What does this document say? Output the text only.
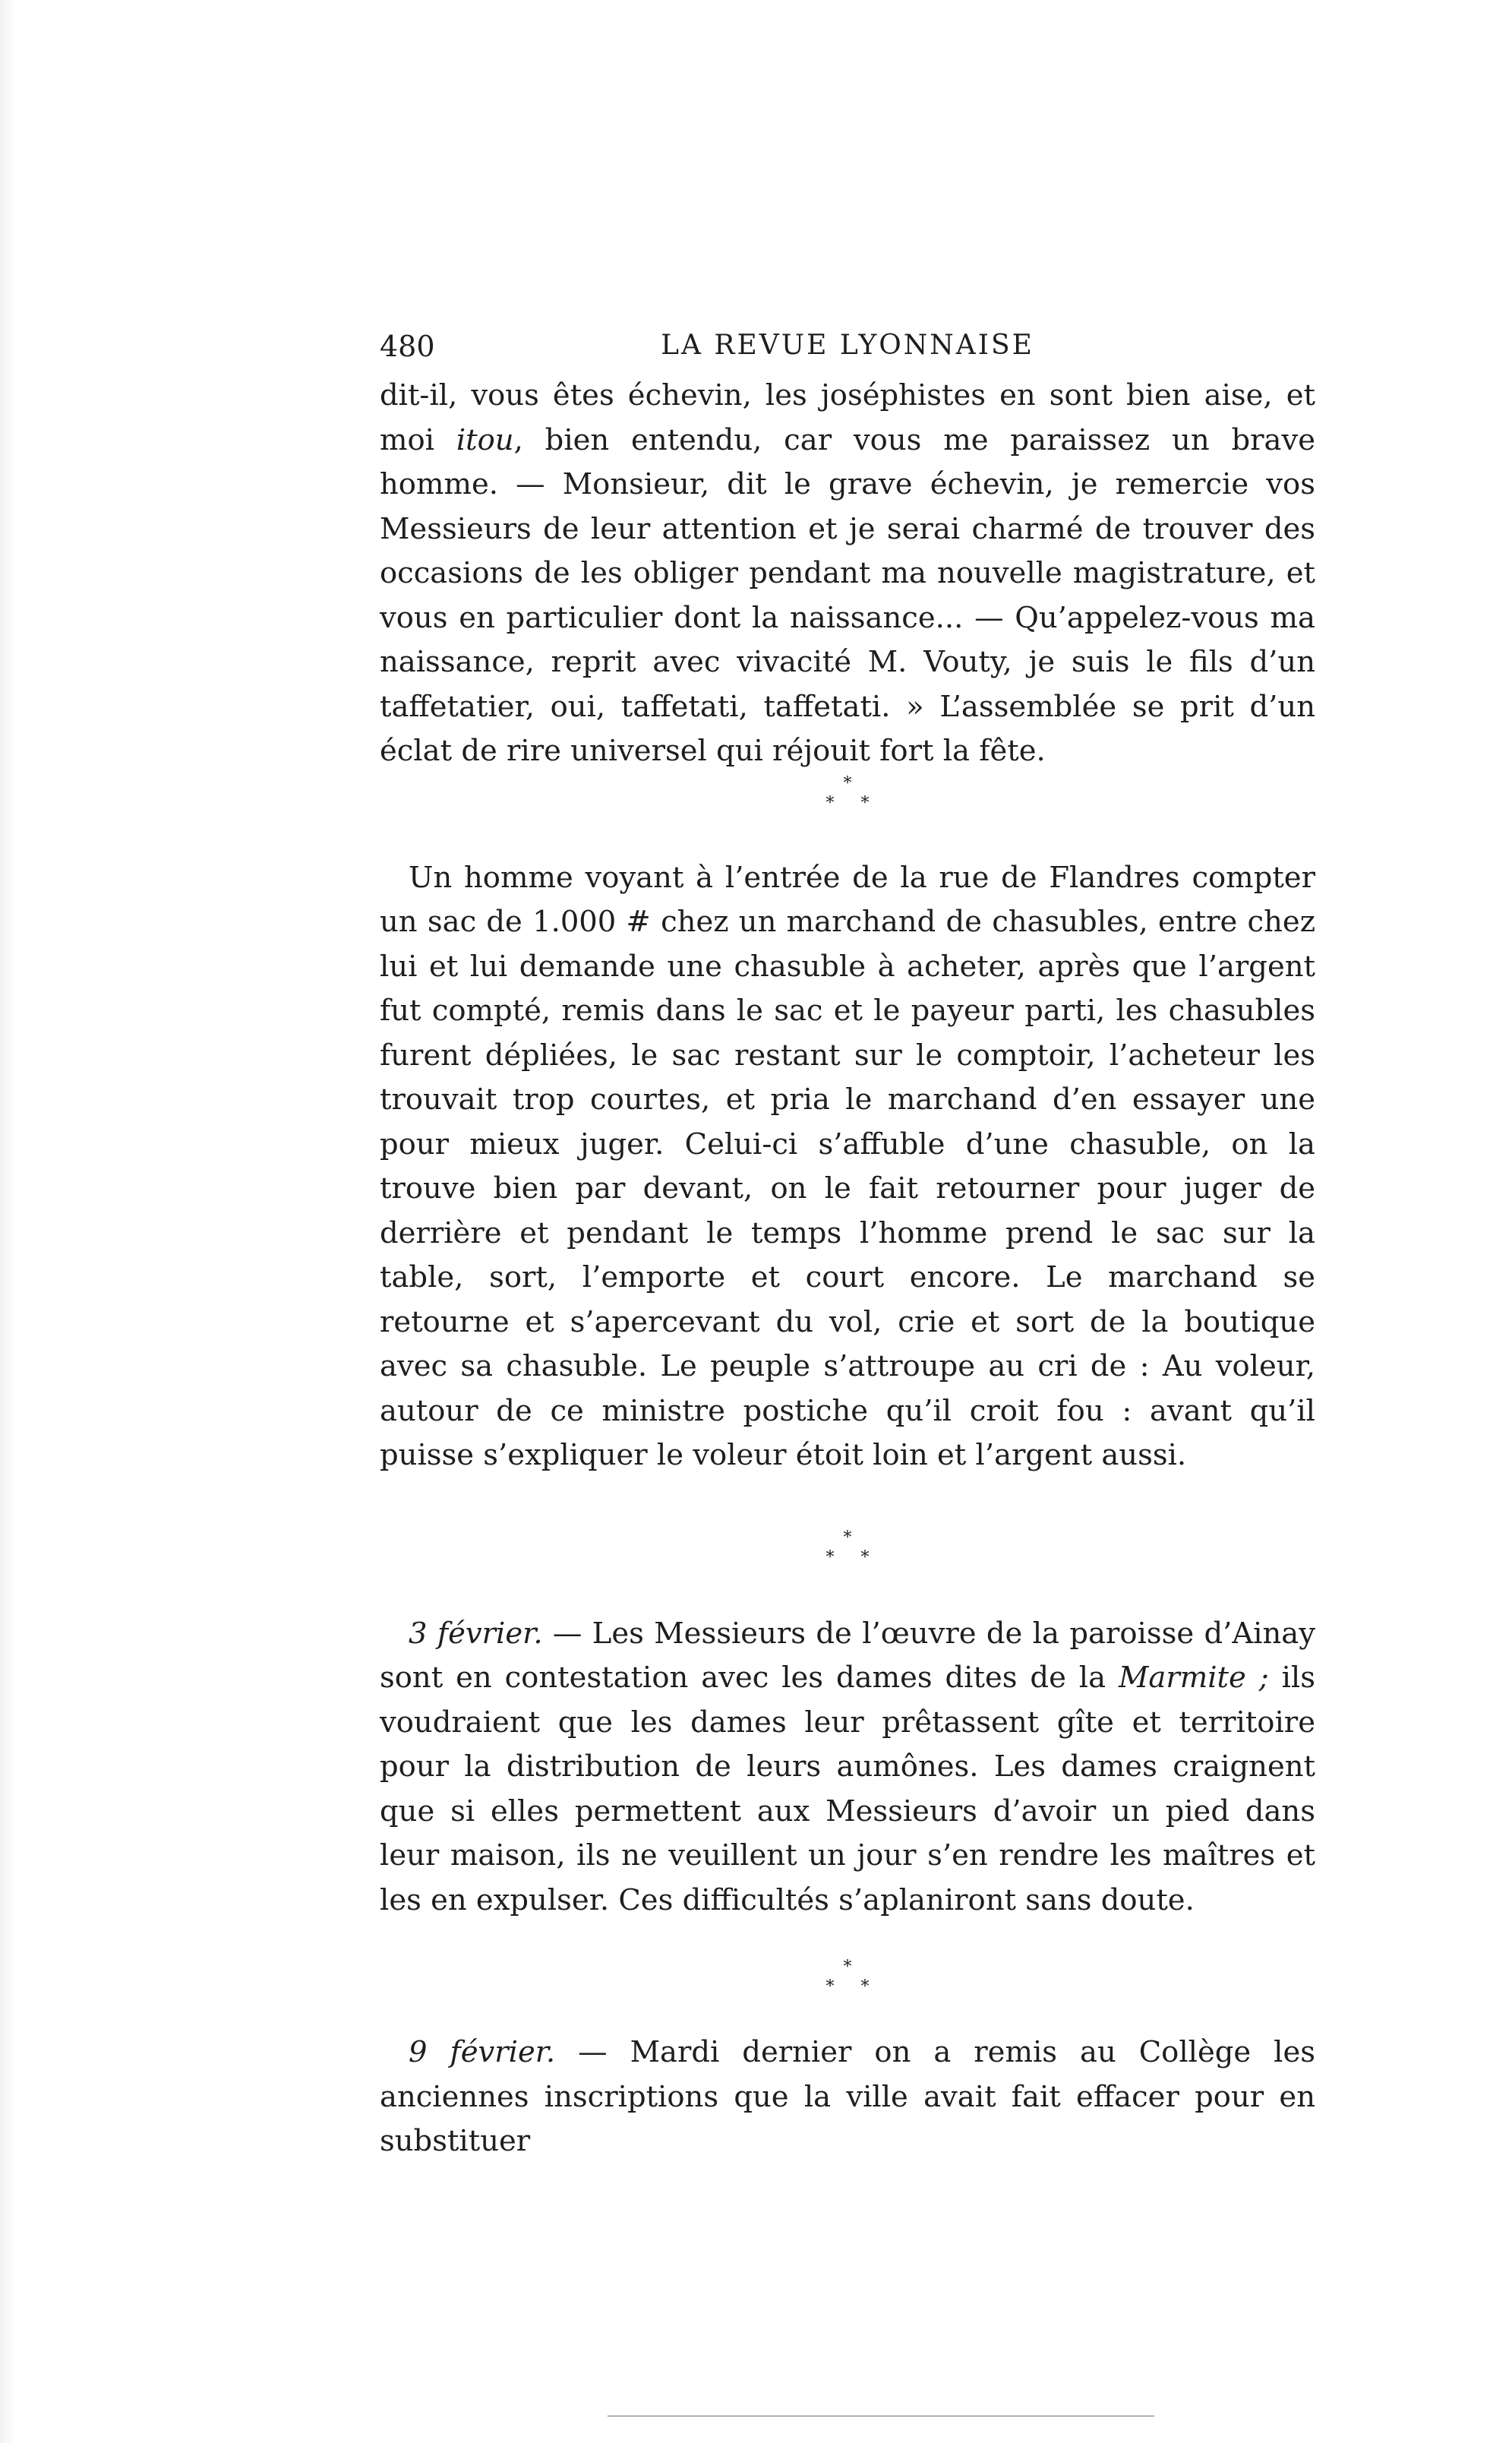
480	LA REVUE LYONNAISE

dit-il, vous êtes échevin, les joséphistes en sont bien aise, et moi itou, bien entendu, car vous me paraissez un brave homme. — Monsieur, dit le grave échevin, je remercie vos Messieurs de leur attention et je serai charmé de trouver des occasions de les obliger pendant ma nouvelle magistrature, et vous en particulier dont la naissance... — Qu’appelez-vous ma naissance, reprit avec vivacité M. Vouty, je suis le fils d’un taffetatier, oui, taffetati, taffetati. » L’assemblée se prit d’un éclat de rire universel qui réjouit fort la fête.

*
* *

Un homme voyant à l’entrée de la rue de Flandres compter un sac de 1.000 # chez un marchand de chasubles, entre chez lui et lui demande une chasuble à acheter, après que l’argent fut compté, remis dans le sac et le payeur parti, les chasubles furent dépliées, le sac restant sur le comptoir, l’acheteur les trouvait trop courtes, et pria le marchand d’en essayer une pour mieux juger. Celui-ci s’affuble d’une chasuble, on la trouve bien par devant, on le fait retourner pour juger de derrière et pendant le temps l’homme prend le sac sur la table, sort, l’emporte et court encore. Le marchand se retourne et s’apercevant du vol, crie et sort de la boutique avec sa chasuble. Le peuple s’attroupe au cri de : Au voleur, autour de ce ministre postiche qu’il croit fou : avant qu’il puisse s’expliquer le voleur étoit loin et l’argent aussi.

*
* *

3 février. — Les Messieurs de l’œuvre de la paroisse d’Ainay sont en contestation avec les dames dites de la Marmite ; ils voudraient que les dames leur prêtassent gîte et territoire pour la distribution de leurs aumônes. Les dames craignent que si elles permettent aux Messieurs d’avoir un pied dans leur maison, ils ne veuillent un jour s’en rendre les maîtres et les en expulser. Ces difficultés s’aplaniront sans doute.

*
* *

9 février. — Mardi dernier on a remis au Collège les anciennes inscriptions que la ville avait fait effacer pour en substituer
